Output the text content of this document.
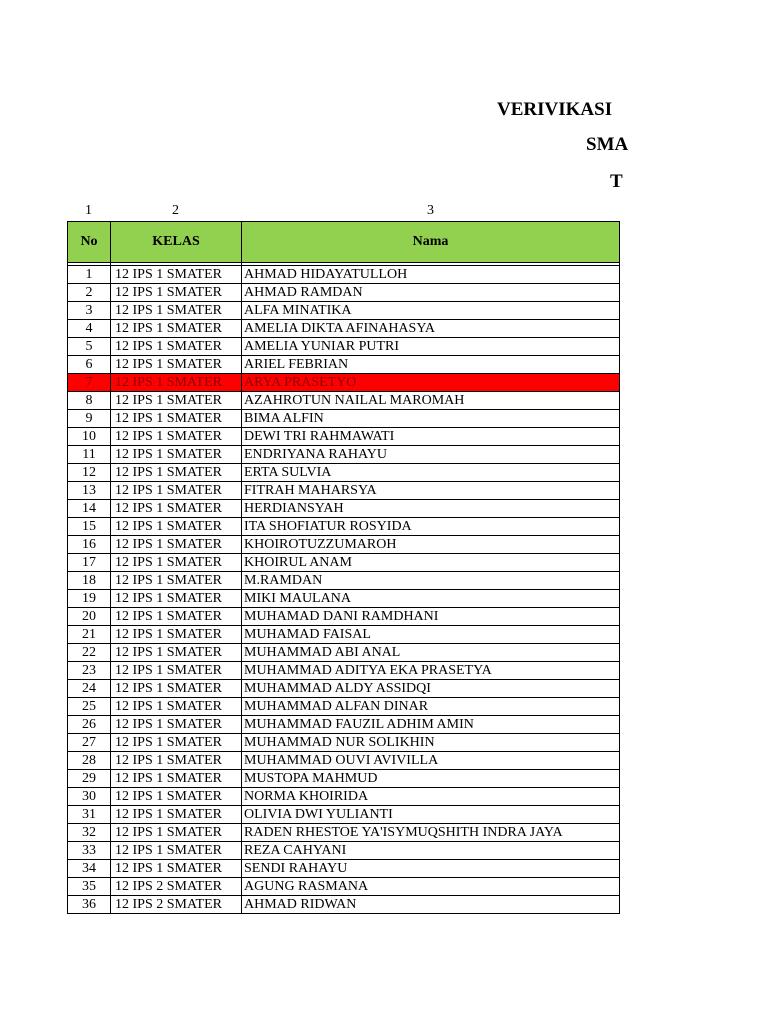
VERIVIKASI
SMA
T
1	2	3
No	KELAS	Nama

1	12 IPS 1 SMATER	AHMAD HIDAYATULLOH
2	12 IPS 1 SMATER	AHMAD RAMDAN
3	12 IPS 1 SMATER	ALFA MINATIKA
4	12 IPS 1 SMATER	AMELIA DIKTA AFINAHASYA
5	12 IPS 1 SMATER	AMELIA YUNIAR PUTRI
6	12 IPS 1 SMATER	ARIEL FEBRIAN
7	12 IPS 1 SMATER	ARYA PRASETYO
8	12 IPS 1 SMATER	AZAHROTUN NAILAL MAROMAH
9	12 IPS 1 SMATER	BIMA ALFIN
10	12 IPS 1 SMATER	DEWI TRI RAHMAWATI
11	12 IPS 1 SMATER	ENDRIYANA RAHAYU
12	12 IPS 1 SMATER	ERTA SULVIA
13	12 IPS 1 SMATER	FITRAH MAHARSYA
14	12 IPS 1 SMATER	HERDIANSYAH
15	12 IPS 1 SMATER	ITA SHOFIATUR ROSYIDA
16	12 IPS 1 SMATER	KHOIROTUZZUMAROH
17	12 IPS 1 SMATER	KHOIRUL ANAM
18	12 IPS 1 SMATER	M.RAMDAN
19	12 IPS 1 SMATER	MIKI MAULANA
20	12 IPS 1 SMATER	MUHAMAD DANI RAMDHANI
21	12 IPS 1 SMATER	MUHAMAD FAISAL
22	12 IPS 1 SMATER	MUHAMMAD ABI ANAL
23	12 IPS 1 SMATER	MUHAMMAD ADITYA EKA PRASETYA
24	12 IPS 1 SMATER	MUHAMMAD ALDY ASSIDQI
25	12 IPS 1 SMATER	MUHAMMAD ALFAN DINAR
26	12 IPS 1 SMATER	MUHAMMAD FAUZIL ADHIM AMIN
27	12 IPS 1 SMATER	MUHAMMAD NUR SOLIKHIN
28	12 IPS 1 SMATER	MUHAMMAD OUVI AVIVILLA
29	12 IPS 1 SMATER	MUSTOPA MAHMUD
30	12 IPS 1 SMATER	NORMA KHOIRIDA
31	12 IPS 1 SMATER	OLIVIA DWI YULIANTI
32	12 IPS 1 SMATER	RADEN RHESTOE YA'ISYMUQSHITH INDRA JAYA
33	12 IPS 1 SMATER	REZA CAHYANI
34	12 IPS 1 SMATER	SENDI RAHAYU
35	12 IPS 2 SMATER	AGUNG RASMANA
36	12 IPS 2 SMATER	AHMAD RIDWAN
